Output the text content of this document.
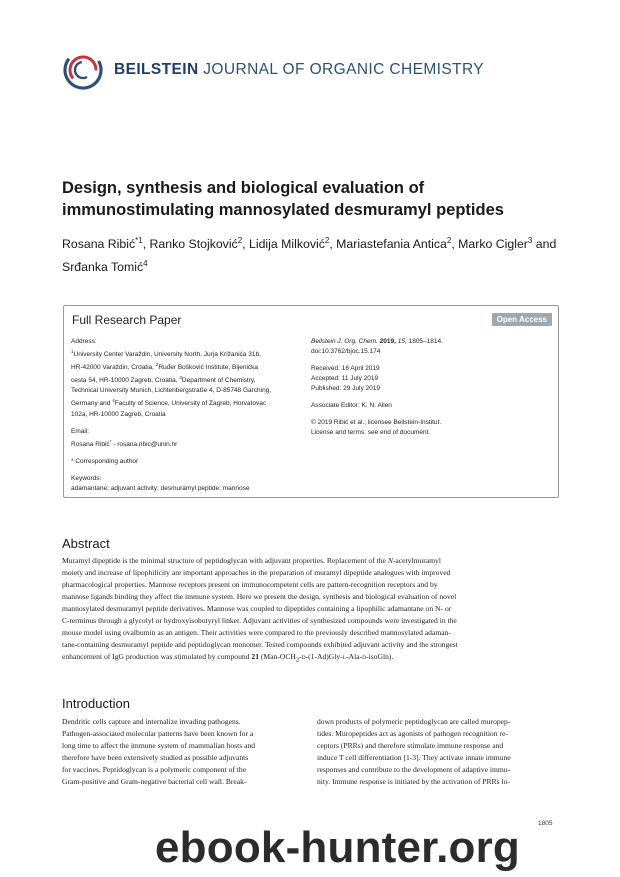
BEILSTEIN JOURNAL OF ORGANIC CHEMISTRY
Design, synthesis and biological evaluation of
immunostimulating mannosylated desmuramyl peptides
Rosana Ribić$^{*1}$, Ranko Stojković$^2$, Lidija Milković$^2$, Mariastefania Antica$^2$, Marko Cigler$^3$ and Srđanka Tomić$^4$
Full Research Paper	Open Access
Address:
$^1$University Center Varaždin, University North, Jurja Križanića 31b,
HR-42000 Varaždin, Croatia, $^2$Ruđer Bošković Institute, Bijenička
cesta 54, HR-10000 Zagreb, Croatia, $^3$Department of Chemistry,
Technical University Munich, Lichtenbergstraße 4, D-85748 Garching,
Germany and $^4$Faculty of Science, University of Zagreb, Horvatovac
102a, HR-10000 Zagreb, Croatia
Email:
Rosana Ribić* - rosana.ribic@unin.hr
* Corresponding author
Keywords:
adamantane; adjuvant activity; desmuramyl peptide; mannose
Beilstein J. Org. Chem. 2019, 15, 1805–1814.
doi:10.3762/bjoc.15.174
Received: 16 April 2019
Accepted: 11 July 2019
Published: 29 July 2019
Associate Editor: K. N. Allen
© 2019 Ribić et al.; licensee Beilstein-Institut.
License and terms: see end of document.
Abstract
Muramyl dipeptide is the minimal structure of peptidoglycan with adjuvant properties. Replacement of the N-acetylmuramyl
moiety and increase of lipophilicity are important approaches in the preparation of muramyl dipeptide analogues with improved
pharmacological properties. Mannose receptors present on immunocompetent cells are pattern-recognition receptors and by
mannose ligands binding they affect the immune system. Here we present the design, synthesis and biological evaluation of novel
mannosylated desmuramyl peptide derivatives. Mannose was coupled to dipeptides containing a lipophilic adamantane on N- or
C-terminus through a glycolyl or hydroxyisobutyryl linker. Adjuvant activities of synthesized compounds were investigated in the
mouse model using ovalbumin as an antigen. Their activities were compared to the previously described mannosylated adaman-
tane-containing desmuramyl peptide and peptidoglycan monomer. Tested compounds exhibited adjuvant activity and the strongest
enhancement of IgG production was stimulated by compound 21 $(Man-OCH_2-D-(1-Ad)Gly-L-Ala-D-isoGln)$.
Introduction
Dendritic cells capture and internalize invading pathogens.
Pathogen-associated molecular patterns have been known for a
long time to affect the immune system of mammalian hosts and
therefore have been extensively studied as possible adjuvants
for vaccines. Peptidoglycan is a polymeric component of the
Gram-positive and Gram-negative bacterial cell wall. Break-
down products of polymeric peptidoglycan are called muropep-
tides. Muropeptides act as agonists of pathogen recognition re-
ceptors (PRRs) and therefore stimulate immune response and
induce T cell differentiation [1-3]. They activate innate immune
responses and contribute to the development of adaptive immu-
nity. Immune response is initiated by the activation of PRRs lo-
1805
ebook-hunter.org
